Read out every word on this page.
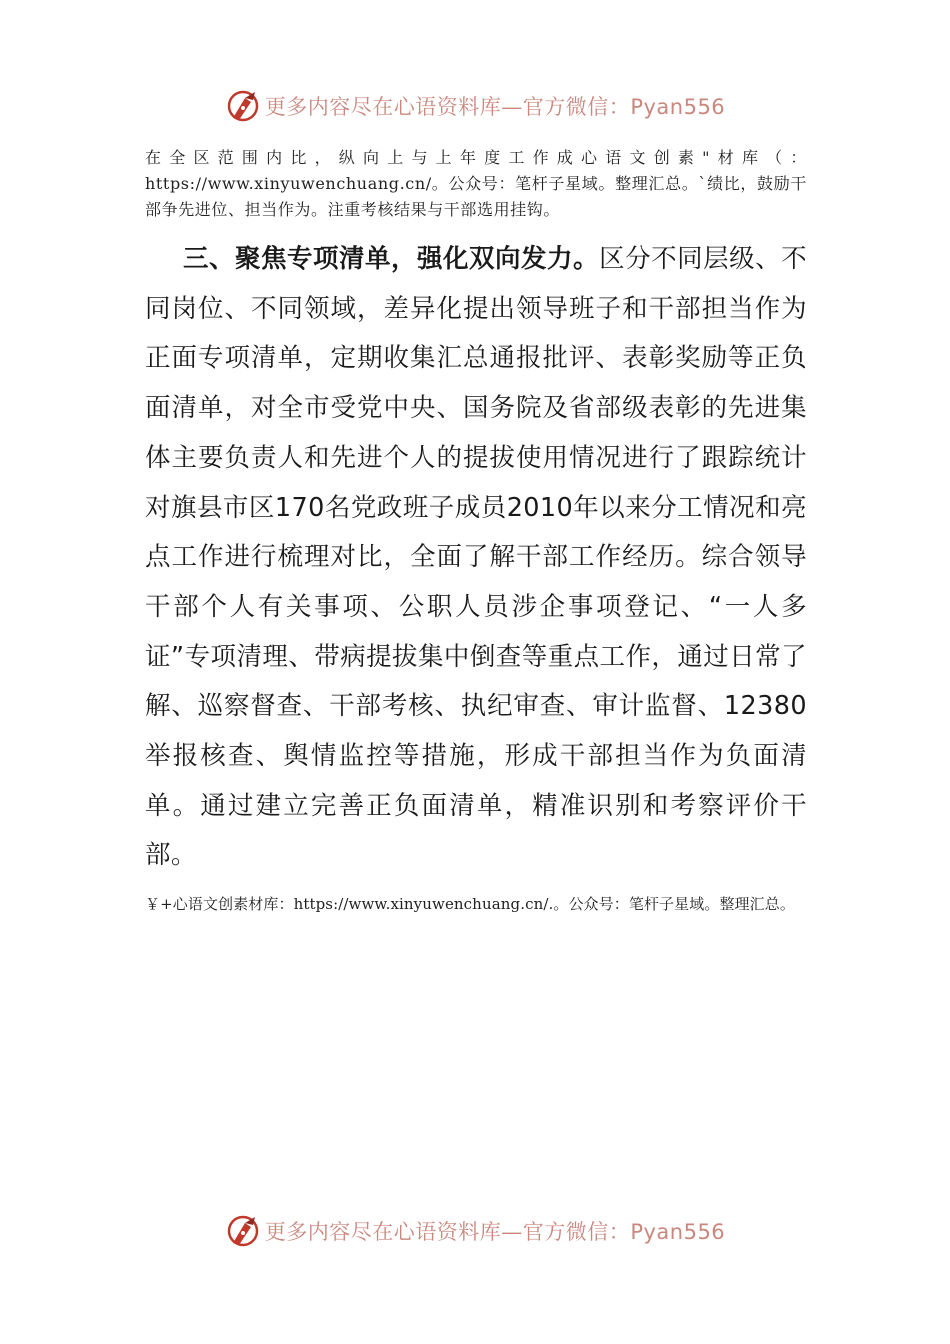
更多内容尽在心语资料库—官方微信：Pyan556
在全区范围内比，纵向上与上年度工作成心语文创素"材库（：https://www.xinyuwenchuang.cn/。公众号：笔杆子星域。整理汇总。`绩比，鼓励干部争先进位、担当作为。注重考核结果与干部选用挂钩。
三、聚焦专项清单，强化双向发力。区分不同层级、不同岗位、不同领域，差异化提出领导班子和干部担当作为正面专项清单，定期收集汇总通报批评、表彰奖励等正负面清单，对全市受党中央、国务院及省部级表彰的先进集体主要负责人和先进个人的提拔使用情况进行了跟踪统计对旗县市区170名党政班子成员2010年以来分工情况和亮点工作进行梳理对比，全面了解干部工作经历。综合领导干部个人有关事项、公职人员涉企事项登记、“一人多证”专项清理、带病提拔集中倒查等重点工作，通过日常了解、巡察督查、干部考核、执纪审查、审计监督、12380举报核查、舆情监控等措施，形成干部担当作为负面清单。通过建立完善正负面清单，精准识别和考察评价干部。
￥+心语文创素材库：https://www.xinyuwenchuang.cn/.。公众号：笔杆子星域。整理汇总。
更多内容尽在心语资料库—官方微信：Pyan556
